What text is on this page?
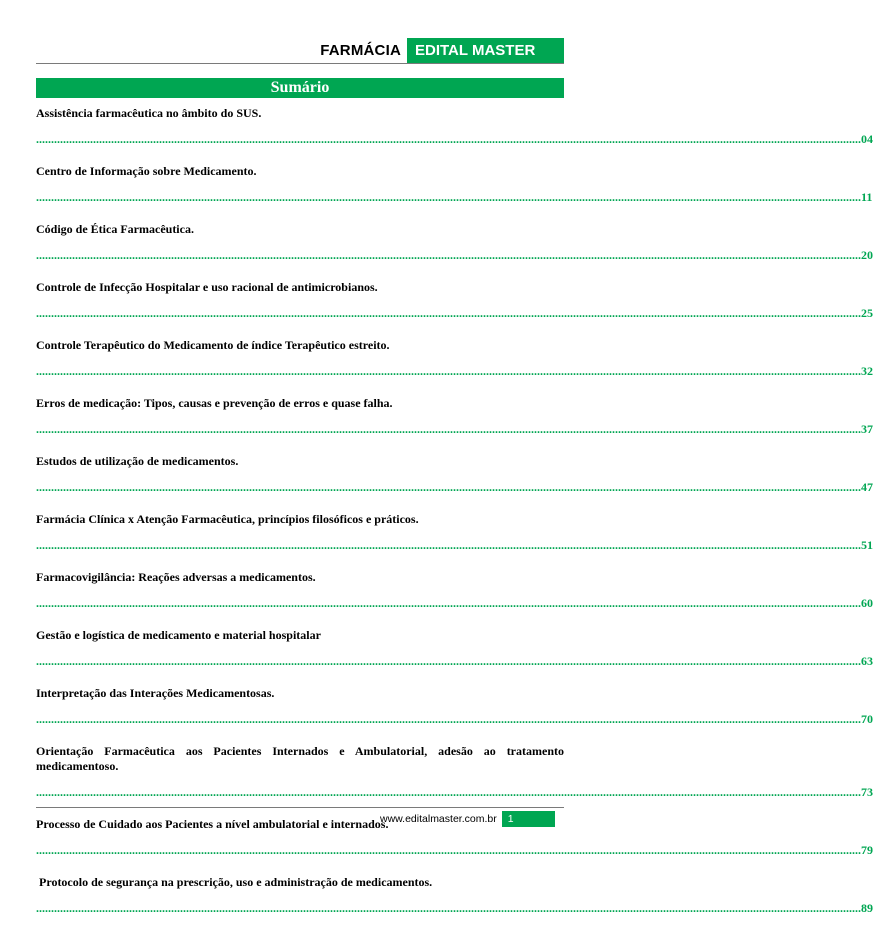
FARMÁCIA EDITAL MASTER
Sumário
Assistência farmacêutica no âmbito do SUS.
.....
04
Centro de Informação sobre Medicamento.
.....
11
Código de Ética Farmacêutica.
.....
20
Controle de Infecção Hospitalar e uso racional de antimicrobianos.
.....
25
Controle Terapêutico do Medicamento de índice Terapêutico estreito.
.....
32
Erros de medicação: Tipos, causas e prevenção de erros e quase falha.
.....
37
Estudos de utilização de medicamentos.
.....
47
Farmácia Clínica x Atenção Farmacêutica, princípios filosóficos e práticos.
.....
51
Farmacovigilância: Reações adversas a medicamentos.
.....
60
Gestão e logística de medicamento e material hospitalar
.....
63
Interpretação das Interações Medicamentosas.
.....
70
Orientação Farmacêutica aos Pacientes Internados e Ambulatorial, adesão ao tratamento medicamentoso.
.....
73
Processo de Cuidado aos Pacientes a nível ambulatorial e internados.
.....
79
Protocolo de segurança na prescrição, uso e administração de medicamentos.
.....
89
www.editalmaster.com.br	1
